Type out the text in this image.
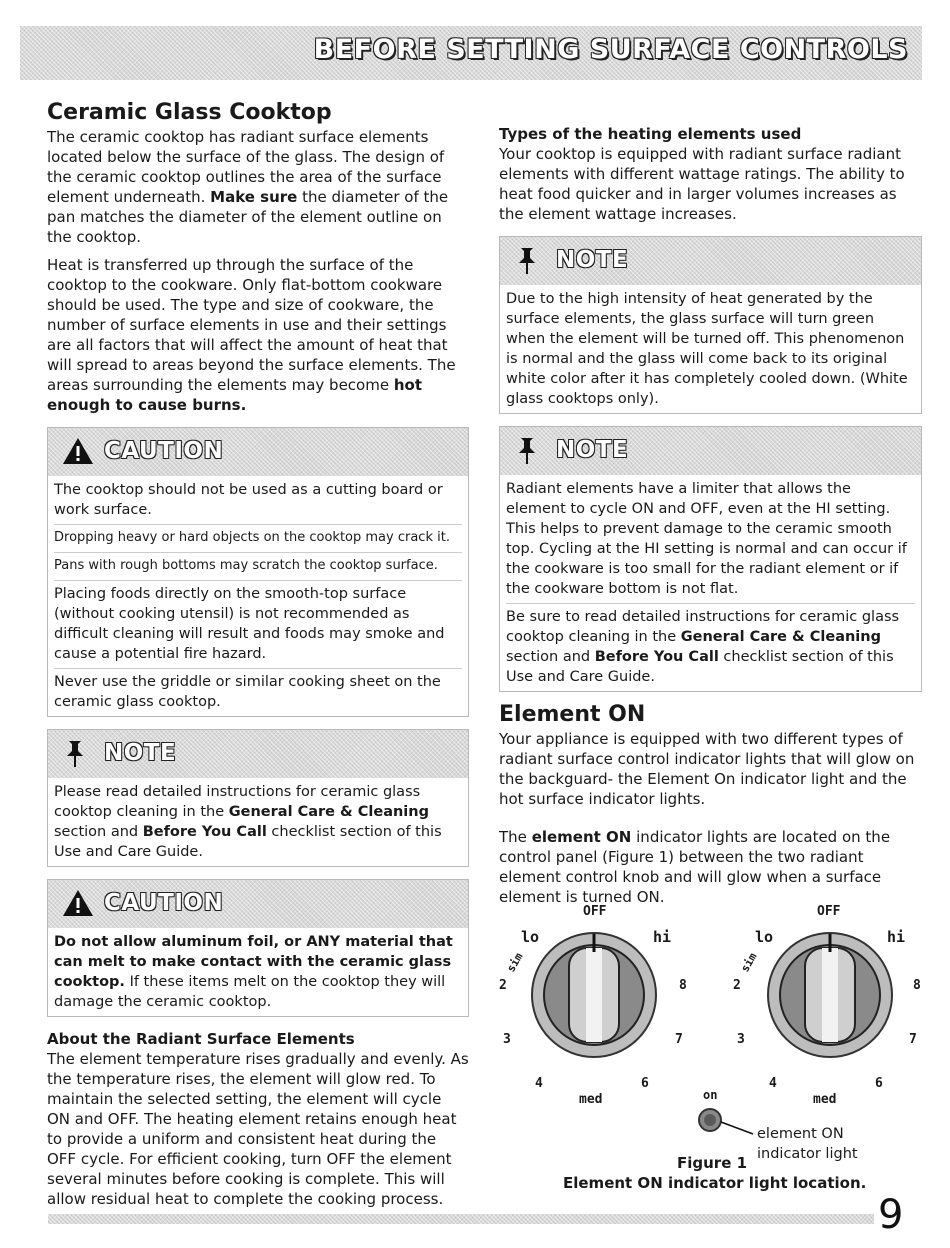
BEFORE SETTING SURFACE CONTROLS
Ceramic Glass Cooktop

The ceramic cooktop has radiant surface elements located below the surface of the glass. The design of the ceramic cooktop outlines the area of the surface element underneath. Make sure the diameter of the pan matches the diameter of the element outline on the cooktop.

Heat is transferred up through the surface of the cooktop to the cookware. Only flat-bottom cookware should be used. The type and size of cookware, the number of surface elements in use and their settings are all factors that will affect the amount of heat that will spread to areas beyond the surface elements. The areas surrounding the elements may become hot enough to cause burns.

CAUTION

The cooktop should not be used as a cutting board or work surface.

Dropping heavy or hard objects on the cooktop may crack it.

Pans with rough bottoms may scratch the cooktop surface.

Placing foods directly on the smooth-top surface (without cooking utensil) is not recommended as difficult cleaning will result and foods may smoke and cause a potential fire hazard.

Never use the griddle or similar cooking sheet on the ceramic glass cooktop.

NOTE

Please read detailed instructions for ceramic glass cooktop cleaning in the General Care & Cleaning section and Before You Call checklist section of this Use and Care Guide.

CAUTION

Do not allow aluminum foil, or ANY material that can melt to make contact with the ceramic glass cooktop. If these items melt on the cooktop they will damage the ceramic cooktop.

About the Radiant Surface Elements

The element temperature rises gradually and evenly. As the temperature rises, the element will glow red. To maintain the selected setting, the element will cycle ON and OFF. The heating element retains enough heat to provide a uniform and consistent heat during the OFF cycle. For efficient cooking, turn OFF the element several minutes before cooking is complete. This will allow residual heat to complete the cooking process.

Types of the heating elements used

Your cooktop is equipped with radiant surface radiant elements with different wattage ratings. The ability to heat food quicker and in larger volumes increases as the element wattage increases.

NOTE

Due to the high intensity of heat generated by the surface elements, the glass surface will turn green when the element will be turned off. This phenomenon is normal and the glass will come back to its original white color after it has completely cooled down. (White glass cooktops only).

NOTE

Radiant elements have a limiter that allows the element to cycle ON and OFF, even at the HI setting. This helps to prevent damage to the ceramic smooth top. Cycling at the HI setting is normal and can occur if the cookware is too small for the radiant element or if the cookware bottom is not flat.

Be sure to read detailed instructions for ceramic glass cooktop cleaning in the General Care & Cleaning section and Before You Call checklist section of this Use and Care Guide.

Element ON

Your appliance is equipped with two different types of radiant surface control indicator lights that will glow on the backguard- the Element On indicator light and the hot surface indicator lights.

The element ON indicator lights are located on the control panel (Figure 1) between the two radiant element control knob and will glow when a surface element is turned ON.

OFF
lo	hi
sim
2	8
3	7
4	6
med
OFF
lo	hi
sim
2	8
3	7
4	6
med
on
element ON indicator light
Figure 1
Element ON indicator light location.
9
